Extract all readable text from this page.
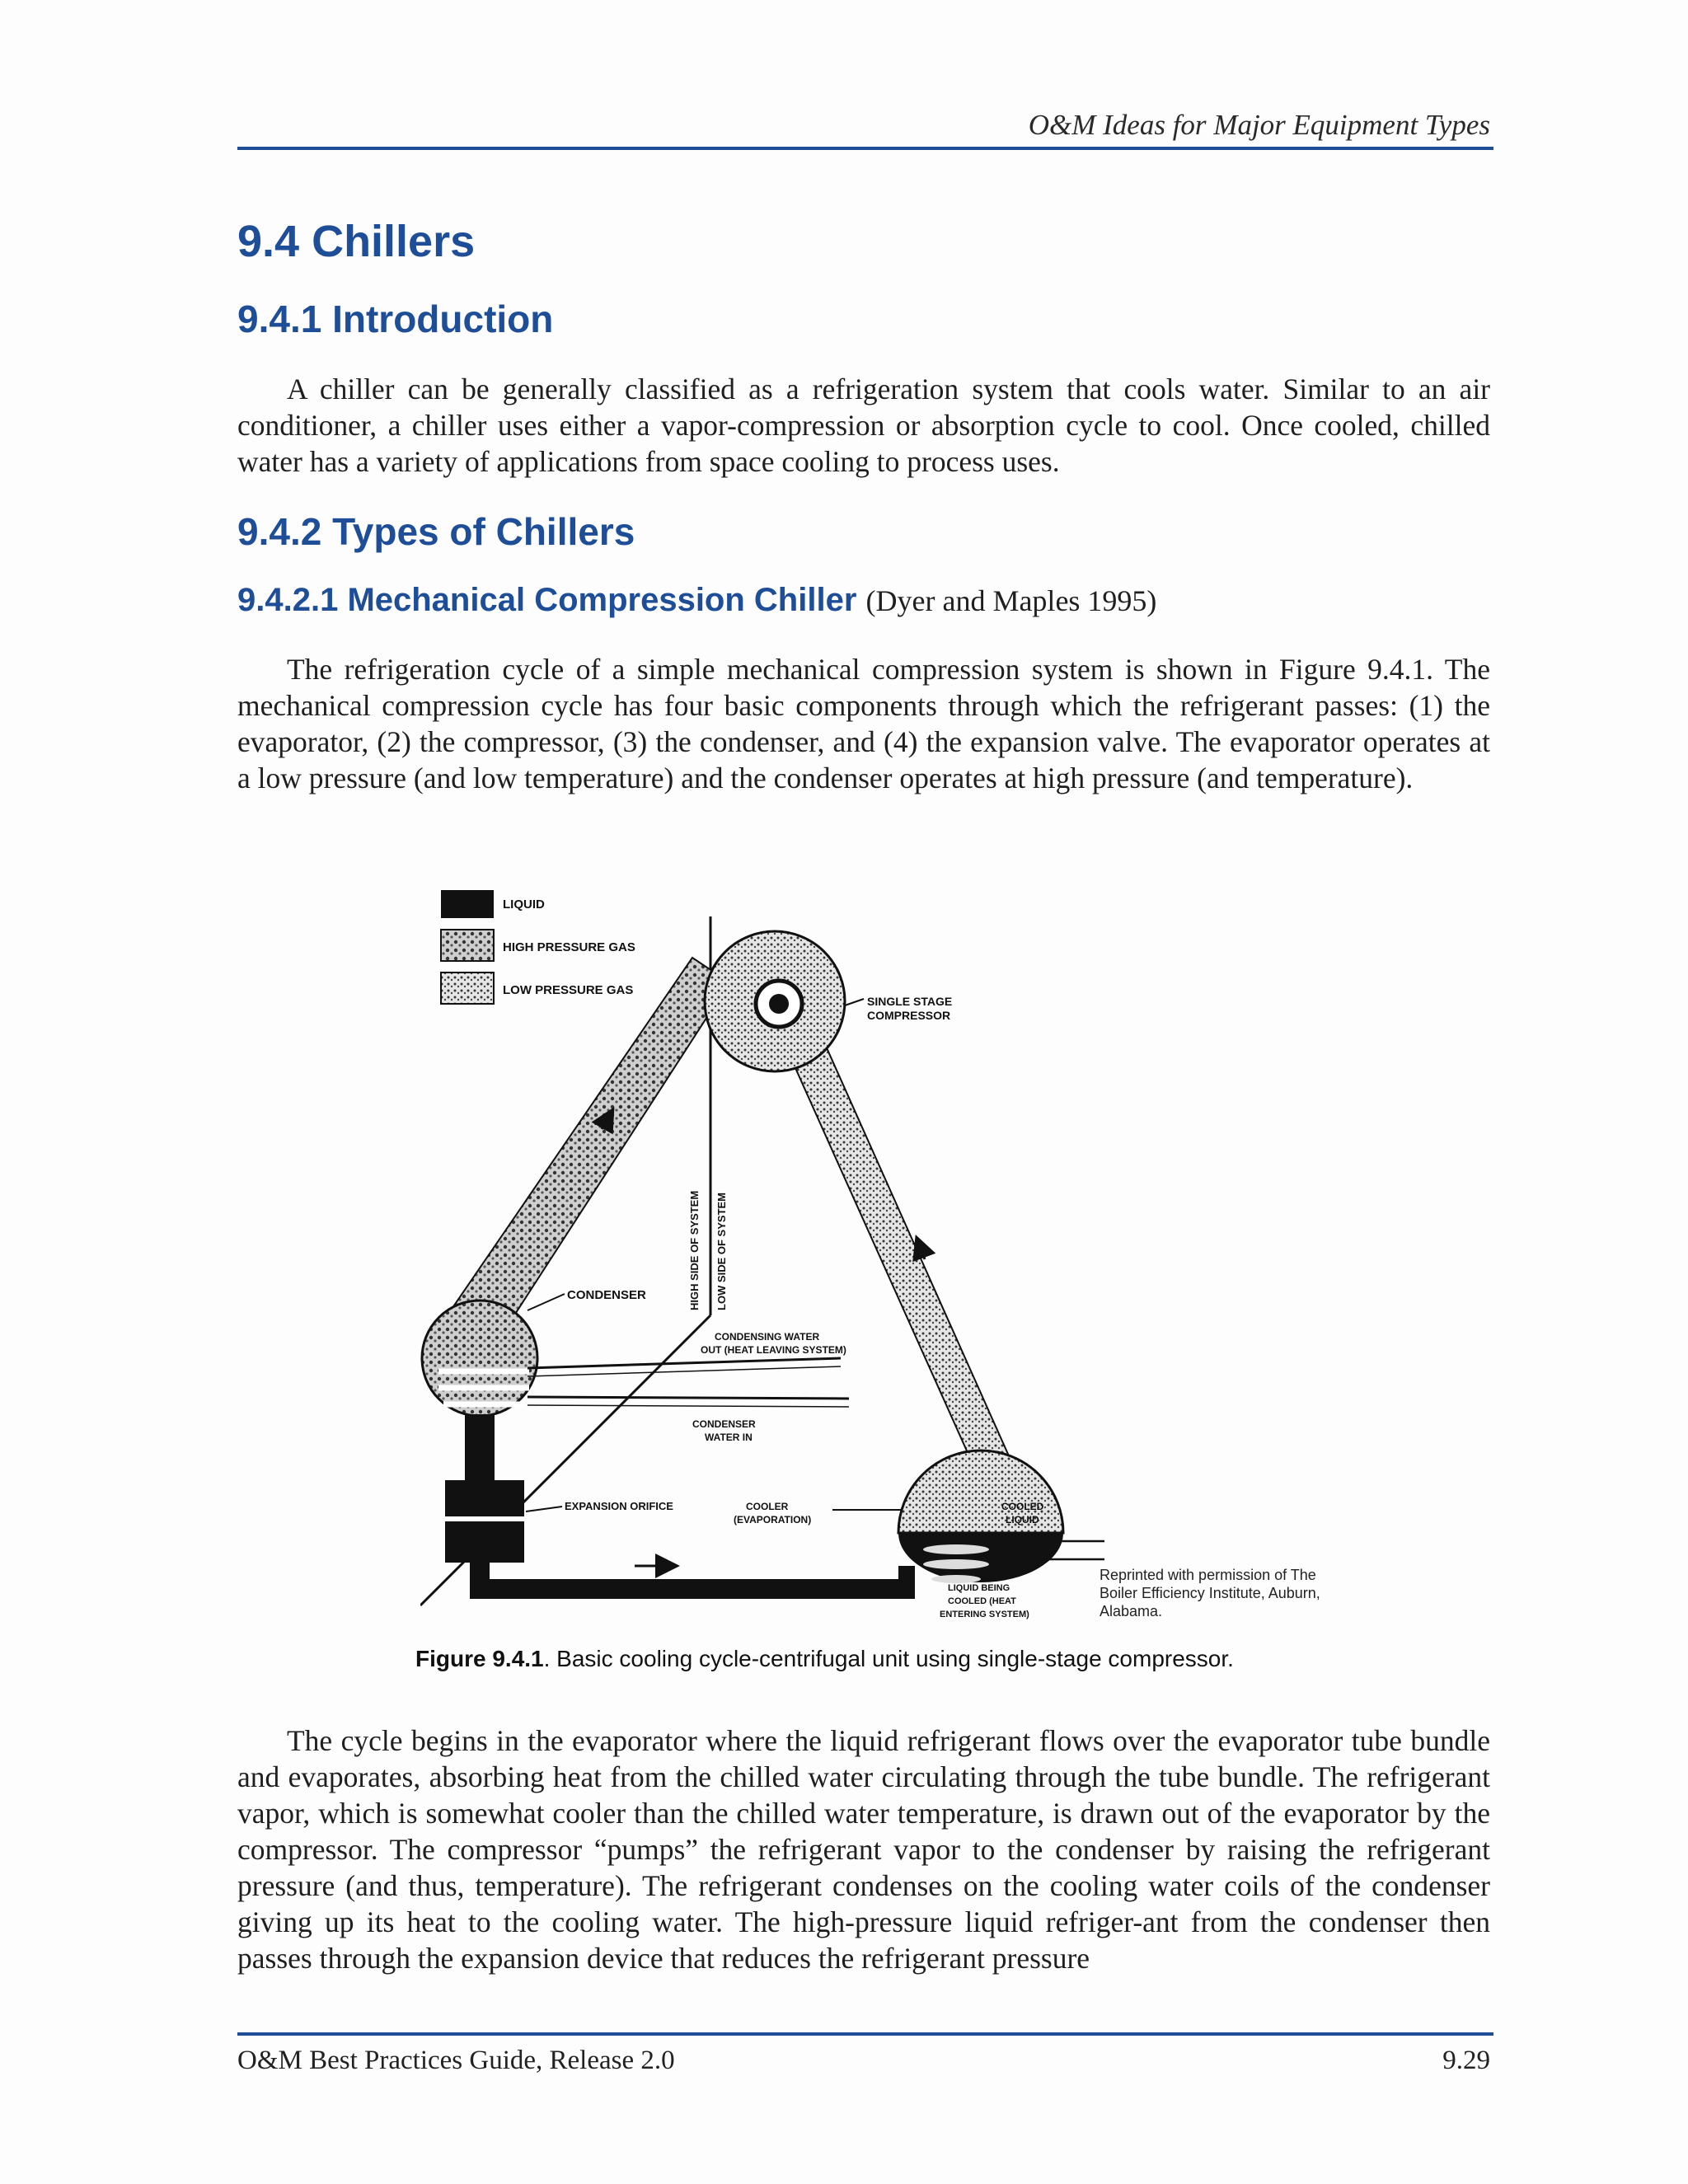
O&M Ideas for Major Equipment Types
9.4 Chillers
9.4.1 Introduction

A chiller can be generally classified as a refrigeration system that cools water. Similar to an air conditioner, a chiller uses either a vapor-compression or absorption cycle to cool. Once cooled, chilled water has a variety of applications from space cooling to process uses.

9.4.2 Types of Chillers
9.4.2.1 Mechanical Compression Chiller (Dyer and Maples 1995)

The refrigeration cycle of a simple mechanical compression system is shown in Figure 9.4.1. The mechanical compression cycle has four basic components through which the refrigerant passes: (1) the evaporator, (2) the compressor, (3) the condenser, and (4) the expansion valve. The evaporator operates at a low pressure (and low temperature) and the condenser operates at high pressure (and temperature).

LIQUID
HIGH PRESSURE GAS
LOW PRESSURE GAS
SINGLE STAGE
COMPRESSOR
CONDENSER
CONDENSING WATER
OUT (HEAT LEAVING SYSTEM)
CONDENSER
WATER IN
HIGH SIDE OF SYSTEM LOW SIDE OF SYSTEM
EXPANSION ORIFICE	COOLER
(EVAPORATION)
COOLED
LIQUID
LIQUID BEING
COOLED (HEAT
ENTERING SYSTEM)
Reprinted with permission of The Boiler Efficiency Institute, Auburn, Alabama.
Figure 9.4.1. Basic cooling cycle-centrifugal unit using single-stage compressor.

The cycle begins in the evaporator where the liquid refrigerant flows over the evaporator tube bundle and evaporates, absorbing heat from the chilled water circulating through the tube bundle. The refrigerant vapor, which is somewhat cooler than the chilled water temperature, is drawn out of the evaporator by the compressor. The compressor “pumps” the refrigerant vapor to the condenser by raising the refrigerant pressure (and thus, temperature). The refrigerant condenses on the cooling water coils of the condenser giving up its heat to the cooling water. The high-pressure liquid refriger-ant from the condenser then passes through the expansion device that reduces the refrigerant pressure

O&M Best Practices Guide, Release 2.0	9.29
